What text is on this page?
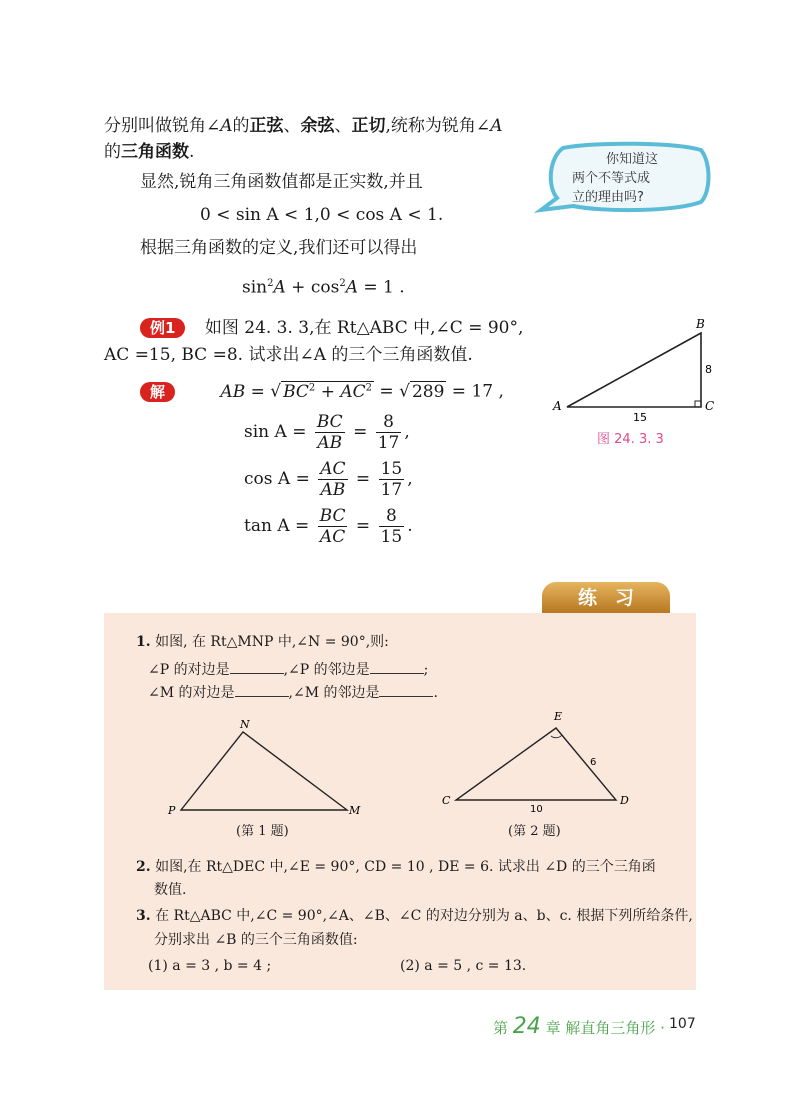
分别叫做锐角∠A的正弦、余弦、正切,统称为锐角∠A
的三角函数.
显然,锐角三角函数值都是正实数,并且
0 < sin A < 1,0 < cos A < 1.
根据三角函数的定义,我们还可以得出
$\sin^2A + \cos^2A = 1$ .
你知道这
两个不等式成
立的理由吗?
例1 如图 24. 3. 3,在 Rt△ABC 中,∠C = 90°,
AC =15, BC =8. 试求出∠A 的三个三角函数值.
解	AB = √ $BC^2 + AC^2$ = √ 289 = 17 ,
$\sin A = \frac{BC}{AB} = \frac{8}{17}$ ,
$\cos A = \frac{AC}{AB} = \frac{15}{17}$ ,
$\tan A = \frac{BC}{AC} = \frac{8}{15}$ .
A
B
C
15
8
图 24. 3. 3
练习
1. 如图, 在 Rt△MNP 中,∠N = 90°,则:
∠P 的对边是	,∠P 的邻边是	;
∠M 的对边是	,∠M 的邻边是	.
N
P	M
(第 1 题)
E
C	D
6
10
(第 2 题)
2. 如图,在 Rt△DEC 中,∠E = 90°, CD = 10 , DE = 6. 试求出 ∠D 的三个三角函
数值.
3. 在 Rt△ABC 中,∠C = 90°,∠A、∠B、∠C 的对边分别为 a、b、c. 根据下列所给条件,
分别求出 ∠B 的三个三角函数值:
(1) a = 3 , b = 4 ;	(2) a = 5 , c = 13.
第 24 章 解直角三角形 · 107
